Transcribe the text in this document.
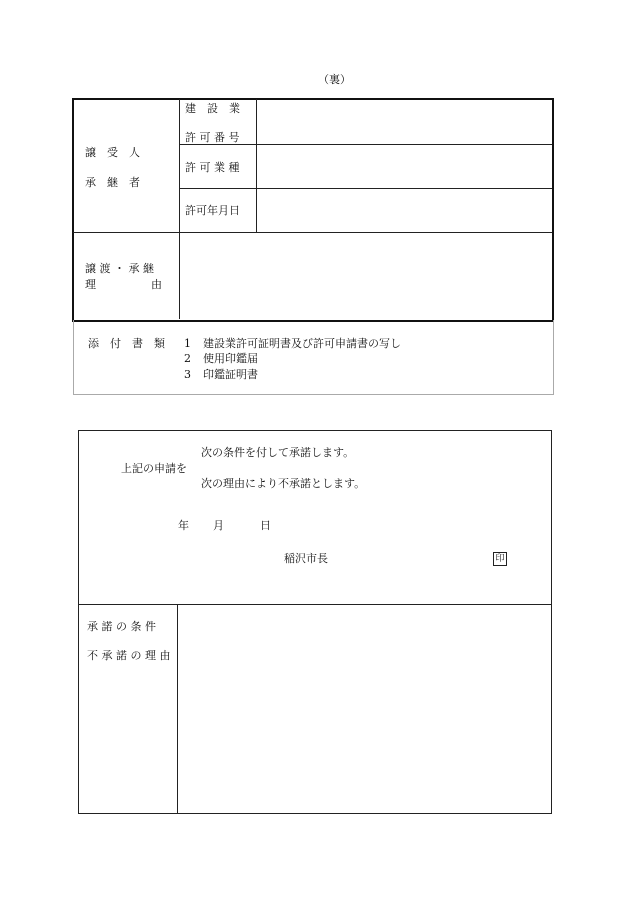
（裏）
譲　受　人
承　継　者
建　設　業
許 可 番 号
許 可 業 種
許可年月日
譲 渡 ・ 承 継
理　　　　　由
添　付　書　類 1 建設業許可証明書及び許可申請書の写し
2 使用印鑑届
3 印鑑証明書
次の条件を付して承諾します。
上記の申請を
次の理由により不承諾とします。
年 月	日
稲沢市長	印
承 諾 の 条 件
不 承 諾 の 理 由
